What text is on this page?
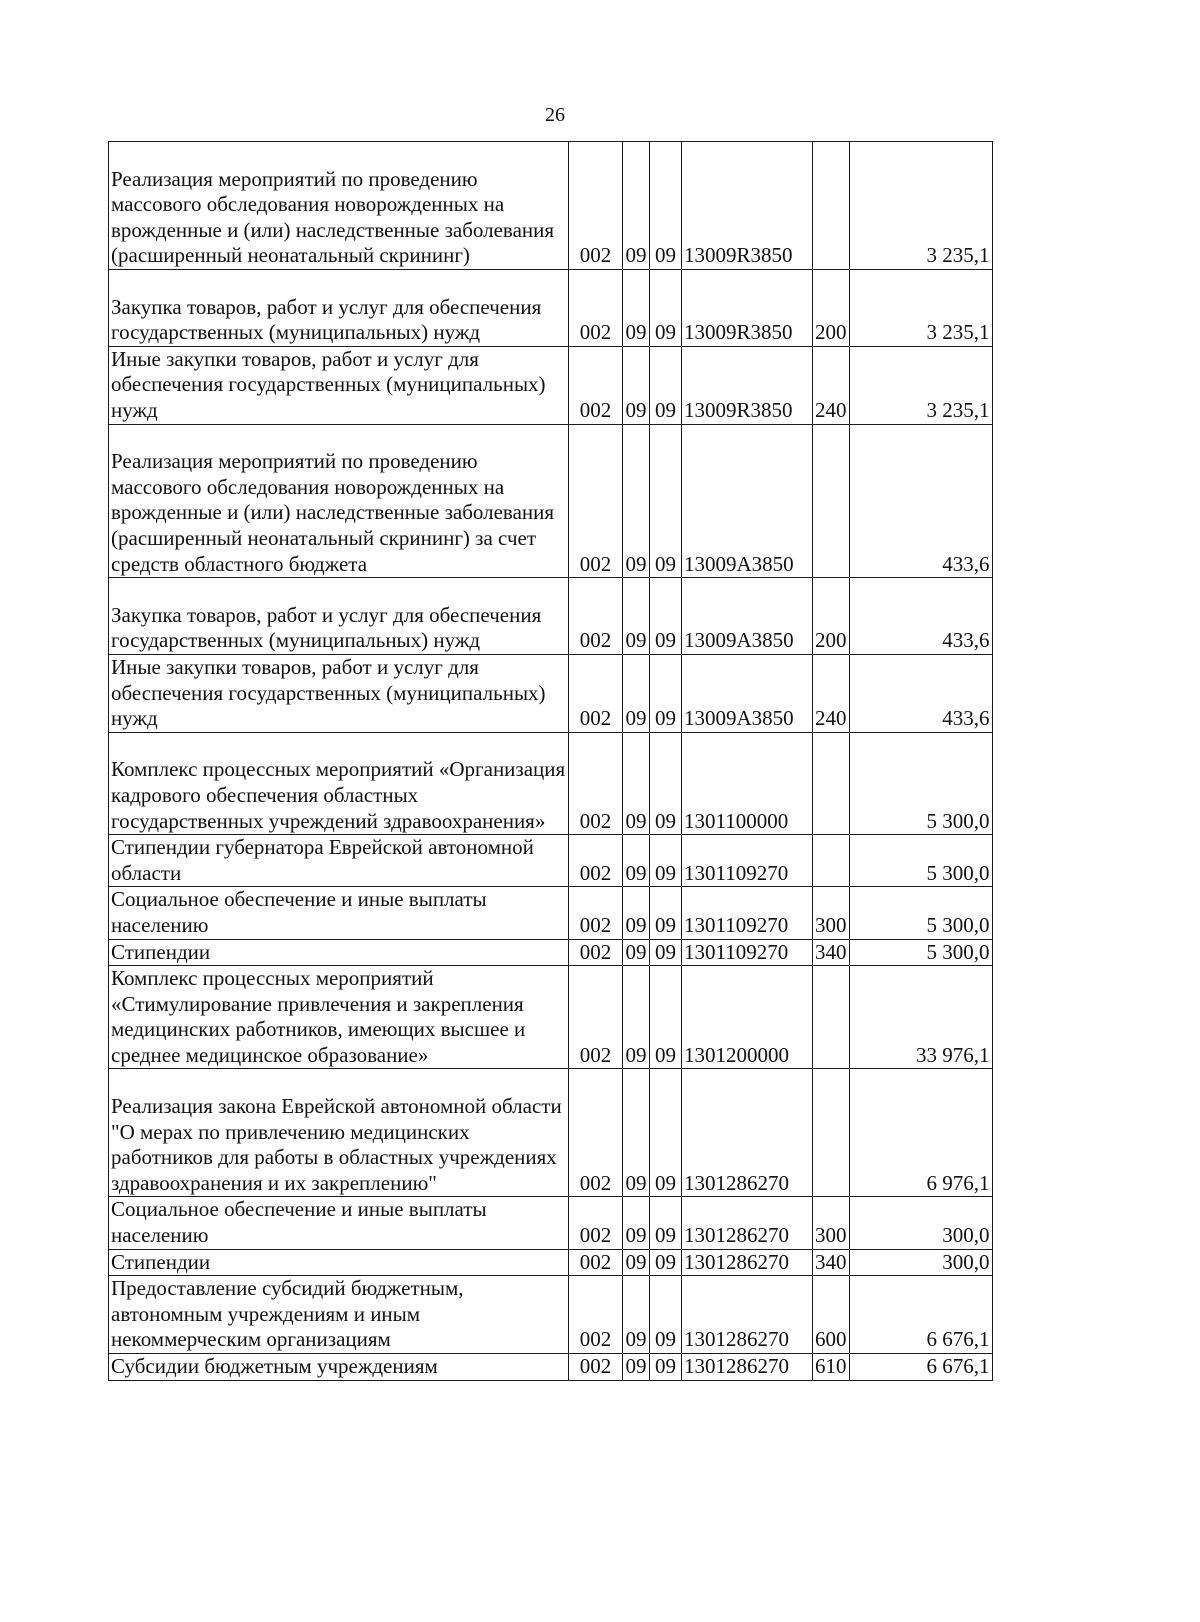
26
Реализация мероприятий по проведению массового обследования новорожденных на врожденные и (или) наследственные заболевания (расширенный неонатальный скрининг)	002	09	09	13009R3850		3 235,1
Закупка товаров, работ и услуг для обеспечения государственных (муниципальных) нужд	002	09	09	13009R3850	200	3 235,1
Иные закупки товаров, работ и услуг для обеспечения государственных (муниципальных) нужд	002	09	09	13009R3850	240	3 235,1
Реализация мероприятий по проведению массового обследования новорожденных на врожденные и (или) наследственные заболевания (расширенный неонатальный скрининг) за счет средств областного бюджета	002	09	09	13009A3850		433,6
Закупка товаров, работ и услуг для обеспечения государственных (муниципальных) нужд	002	09	09	13009A3850	200	433,6
Иные закупки товаров, работ и услуг для обеспечения государственных (муниципальных) нужд	002	09	09	13009A3850	240	433,6
Комплекс процессных мероприятий «Организация кадрового обеспечения областных государственных учреждений здравоохранения»	002	09	09	1301100000		5 300,0
Стипендии губернатора Еврейской автономной области	002	09	09	1301109270		5 300,0
Социальное обеспечение и иные выплаты населению	002	09	09	1301109270	300	5 300,0
Стипендии	002	09	09	1301109270	340	5 300,0
Комплекс процессных мероприятий «Стимулирование привлечения и закрепления медицинских работников, имеющих высшее и среднее медицинское образование»	002	09	09	1301200000		33 976,1
Реализация закона Еврейской автономной области "О мерах по привлечению медицинских работников для работы в областных учреждениях здравоохранения и их закреплению"	002	09	09	1301286270		6 976,1
Социальное обеспечение и иные выплаты населению	002	09	09	1301286270	300	300,0
Стипендии	002	09	09	1301286270	340	300,0
Предоставление субсидий бюджетным, автономным учреждениям и иным некоммерческим организациям	002	09	09	1301286270	600	6 676,1
Субсидии бюджетным учреждениям	002	09	09	1301286270	610	6 676,1
